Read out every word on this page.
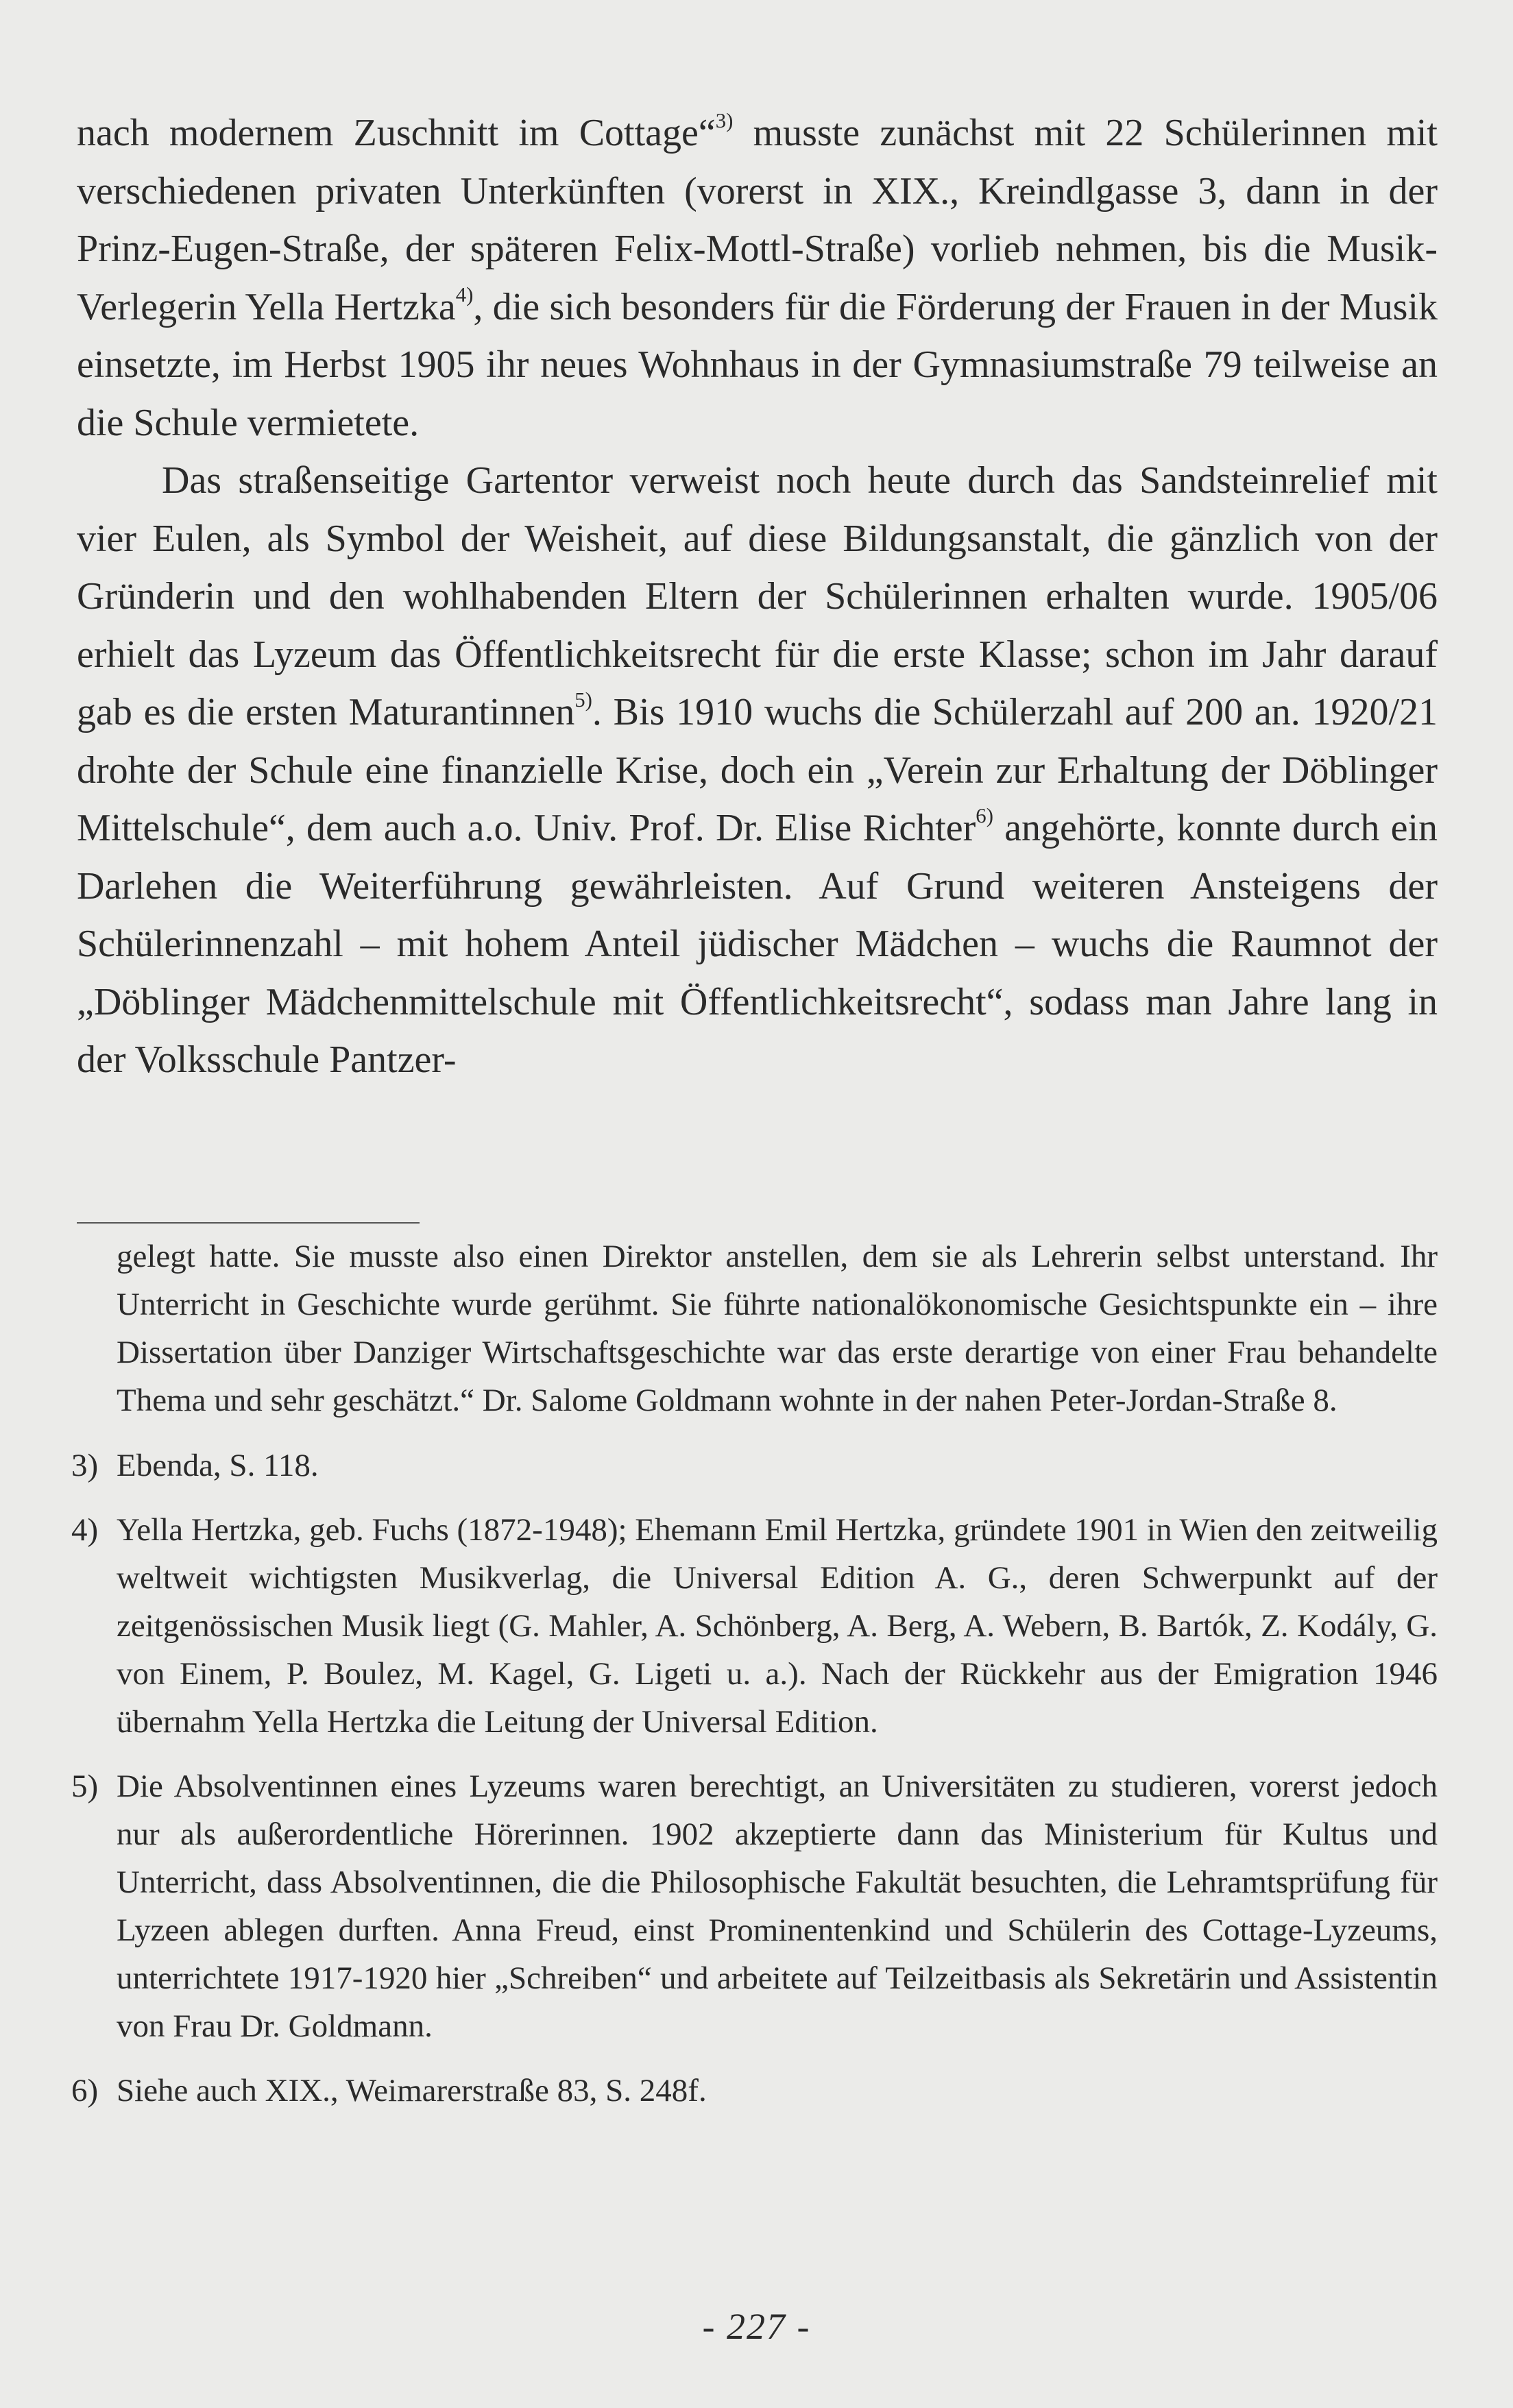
nach modernem Zuschnitt im Cottage“$^{3)}$ musste zunächst mit 22 Schülerinnen mit verschiedenen privaten Unterkünften (vorerst in XIX., Kreindlgasse 3, dann in der Prinz-Eugen-Straße, der späteren Felix-Mottl-Straße) vorlieb nehmen, bis die Musik-Verlegerin Yella Hertzka$^{4)}$, die sich besonders für die Förderung der Frauen in der Musik einsetzte, im Herbst 1905 ihr neues Wohnhaus in der Gymnasiumstraße 79 teilweise an die Schule vermietete.

Das straßenseitige Gartentor verweist noch heute durch das Sandsteinrelief mit vier Eulen, als Symbol der Weisheit, auf diese Bildungsanstalt, die gänzlich von der Gründerin und den wohlhabenden Eltern der Schülerinnen erhalten wurde. 1905/06 erhielt das Lyzeum das Öffentlichkeitsrecht für die erste Klasse; schon im Jahr darauf gab es die ersten Maturantinnen$^{5)}$. Bis 1910 wuchs die Schülerzahl auf 200 an. 1920/21 drohte der Schule eine finanzielle Krise, doch ein „Verein zur Erhaltung der Döblinger Mittelschule“, dem auch a.o. Univ. Prof. Dr. Elise Richter$^{6)}$ angehörte, konnte durch ein Darlehen die Weiterführung gewährleisten. Auf Grund weiteren Ansteigens der Schülerinnenzahl – mit hohem Anteil jüdischer Mädchen – wuchs die Raumnot der „Döblinger Mädchenmittelschule mit Öffentlichkeitsrecht“, sodass man Jahre lang in der Volksschule Pantzer-

gelegt hatte. Sie musste also einen Direktor anstellen, dem sie als Lehrerin selbst unterstand. Ihr Unterricht in Geschichte wurde gerühmt. Sie führte nationalökonomische Gesichtspunkte ein – ihre Dissertation über Danziger Wirtschaftsgeschichte war das erste derartige von einer Frau behandelte Thema und sehr geschätzt.“ Dr. Salome Goldmann wohnte in der nahen Peter-Jordan-Straße 8.

3) Ebenda, S. 118.

4) Yella Hertzka, geb. Fuchs (1872-1948); Ehemann Emil Hertzka, gründete 1901 in Wien den zeitweilig weltweit wichtigsten Musikverlag, die Universal Edition A. G., deren Schwerpunkt auf der zeitgenössischen Musik liegt (G. Mahler, A. Schönberg, A. Berg, A. Webern, B. Bartók, Z. Kodály, G. von Einem, P. Boulez, M. Kagel, G. Ligeti u. a.). Nach der Rückkehr aus der Emigration 1946 übernahm Yella Hertzka die Leitung der Universal Edition.

5) Die Absolventinnen eines Lyzeums waren berechtigt, an Universitäten zu studieren, vorerst jedoch nur als außerordentliche Hörerinnen. 1902 akzeptierte dann das Ministerium für Kultus und Unterricht, dass Absolventinnen, die die Philosophische Fakultät besuchten, die Lehramtsprüfung für Lyzeen ablegen durften. Anna Freud, einst Prominentenkind und Schülerin des Cottage-Lyzeums, unterrichtete 1917-1920 hier „Schreiben“ und arbeitete auf Teilzeitbasis als Sekretärin und Assistentin von Frau Dr. Goldmann.

6) Siehe auch XIX., Weimarerstraße 83, S. 248f.

- 227 -
